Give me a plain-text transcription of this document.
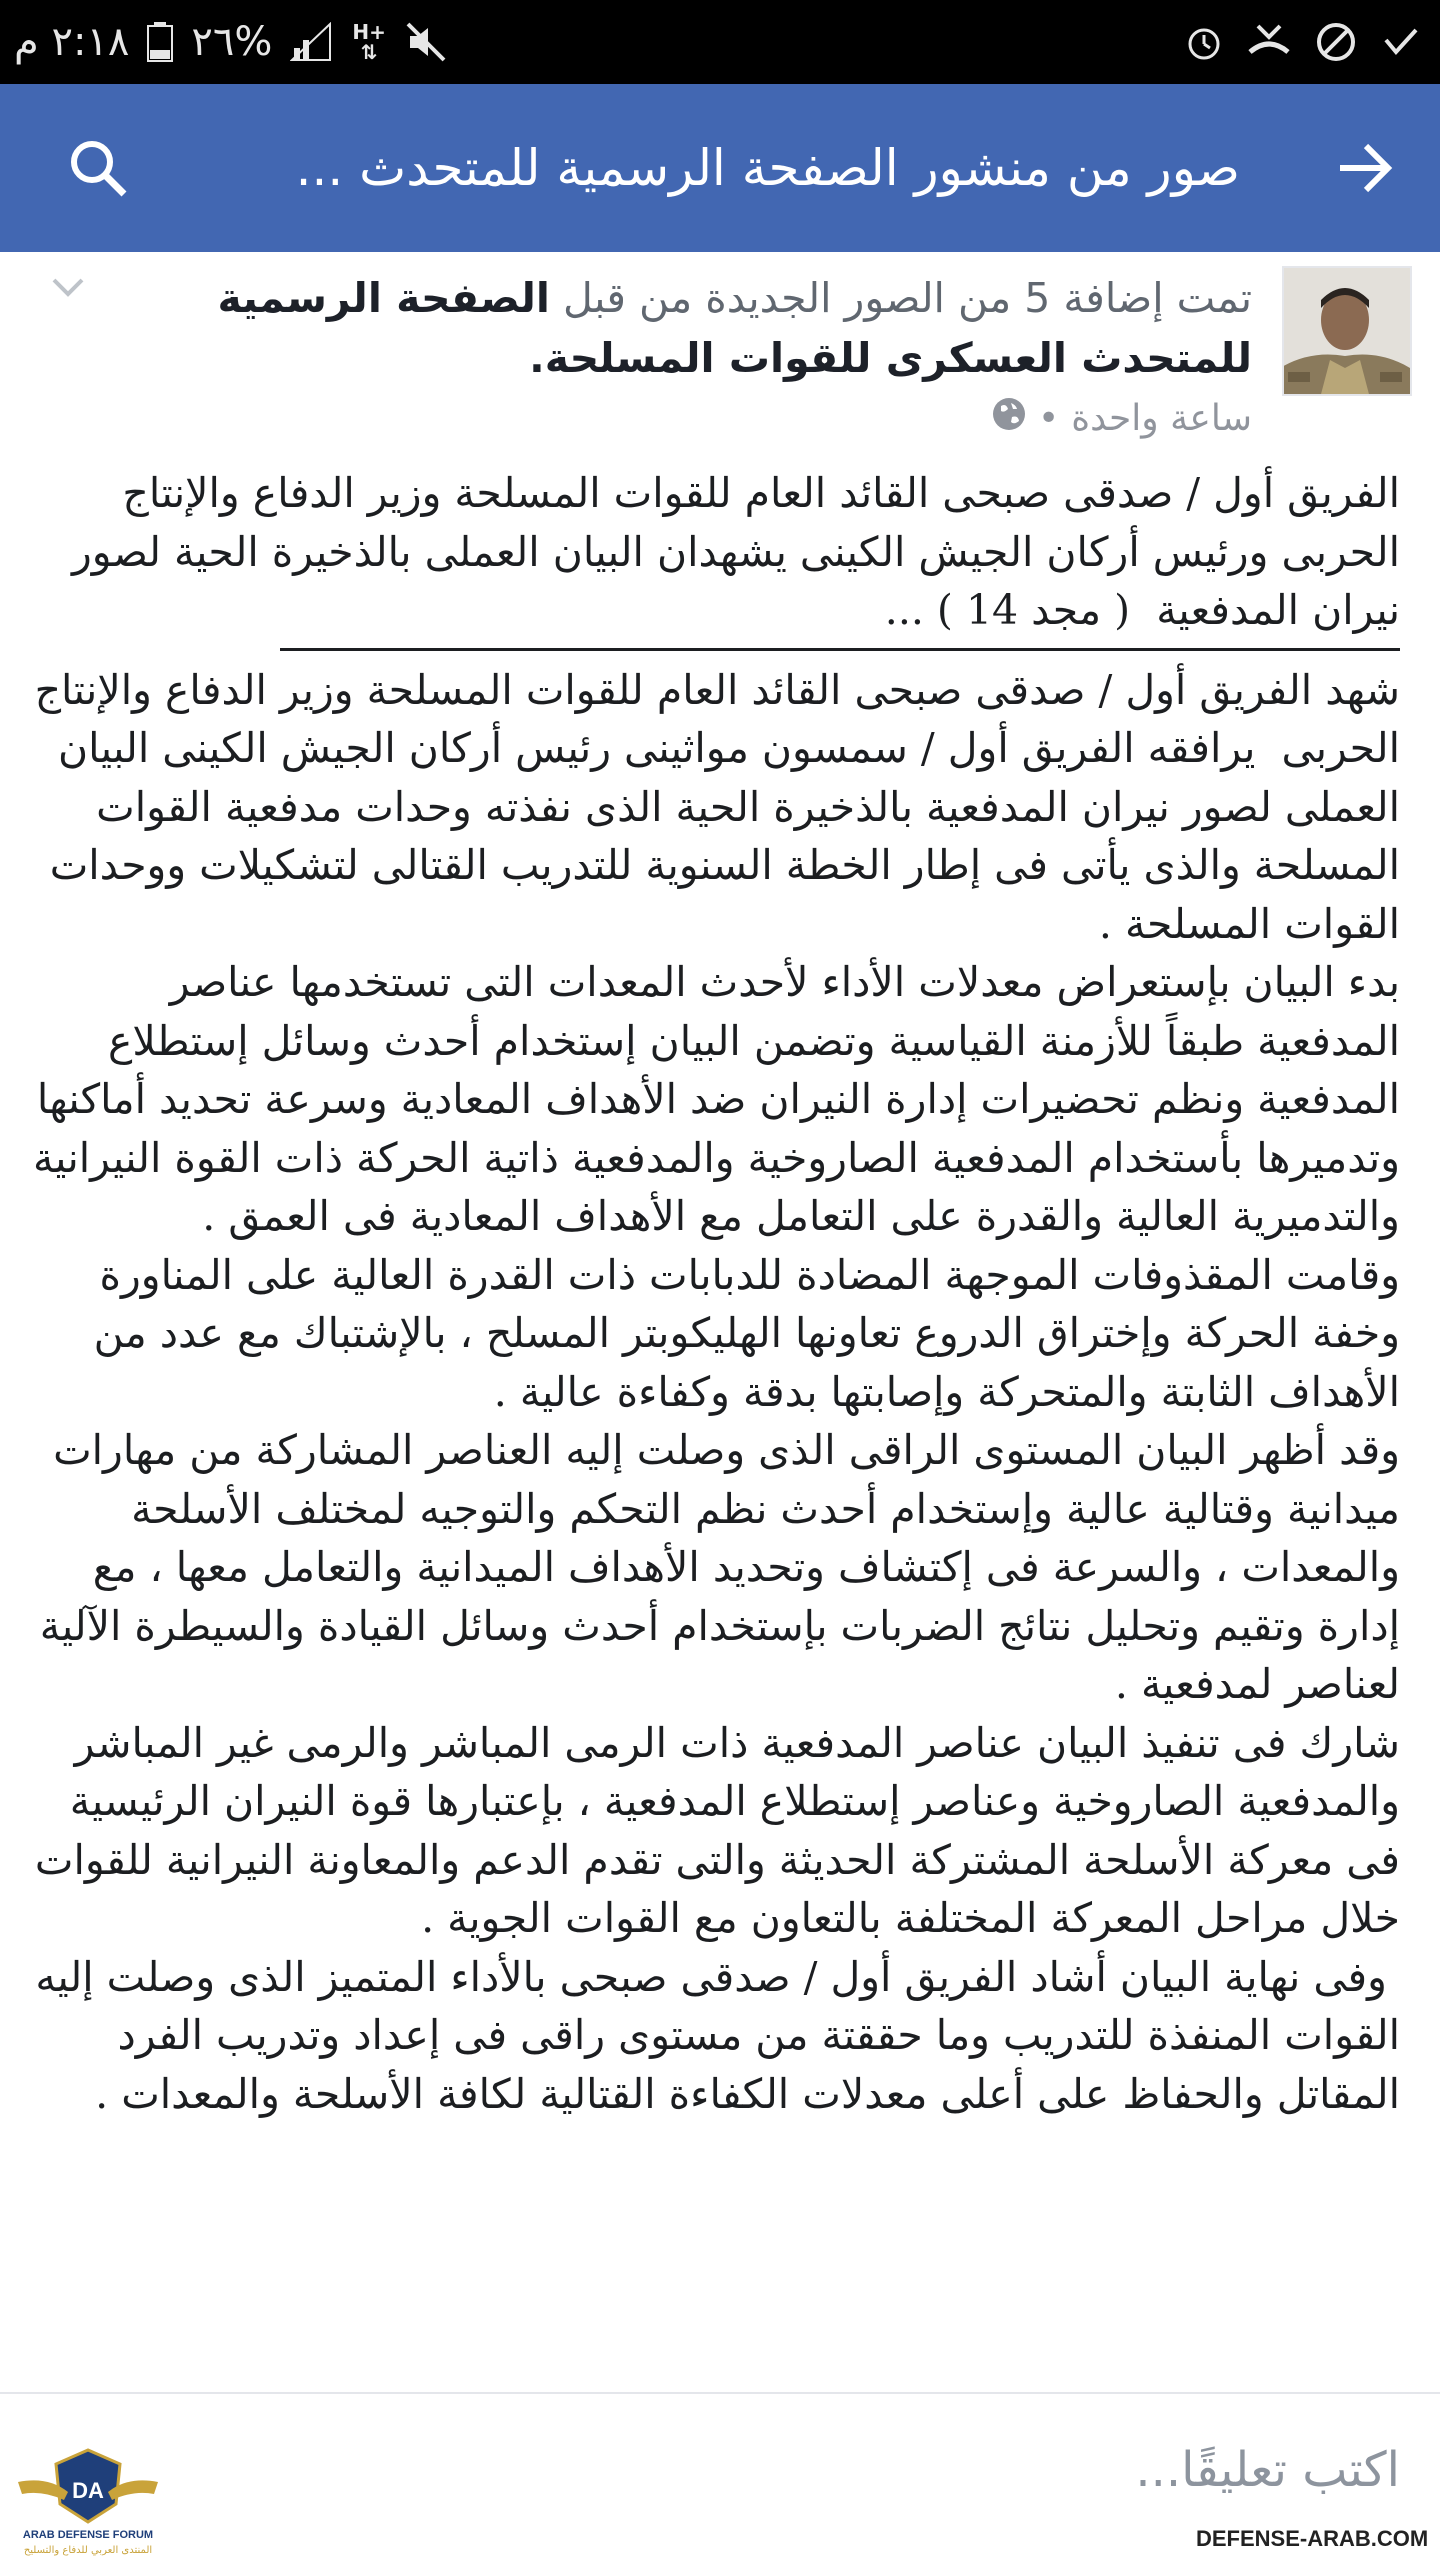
٢:١٨ م %٢٦	H+
⇅
صور من منشور الصفحة الرسمية للمتحدث ...
تمت إضافة 5 من الصور الجديدة من قبل الصفحة الرسمية للمتحدث العسكرى للقوات المسلحة.
ساعة واحدة
•

الفريق أول / صدقى صبحى القائد العام للقوات المسلحة وزير الدفاع والإنتاج الحربى ورئيس أركان الجيش الكينى يشهدان البيان العملى بالذخيرة الحية لصور نيران المدفعية  ( مجد 14 ) ...

شهد الفريق أول / صدقى صبحى القائد العام للقوات المسلحة وزير الدفاع والإنتاج الحربى  يرافقه الفريق أول / سمسون مواثينى رئيس أركان الجيش الكينى البيان العملى لصور نيران المدفعية بالذخيرة الحية الذى نفذته وحدات مدفعية القوات المسلحة والذى يأتى فى إطار الخطة السنوية للتدريب القتالى لتشكيلات ووحدات القوات المسلحة .

بدء البيان بإستعراض معدلات الأداء لأحدث المعدات التى تستخدمها عناصر المدفعية طبقاً للأزمنة القياسية وتضمن البيان إستخدام أحدث وسائل إستطلاع المدفعية ونظم تحضيرات إدارة النيران ضد الأهداف المعادية وسرعة تحديد أماكنها وتدميرها بأستخدام المدفعية الصاروخية والمدفعية ذاتية الحركة ذات القوة النيرانية والتدميرية العالية والقدرة على التعامل مع الأهداف المعادية فى العمق .

وقامت المقذوفات الموجهة المضادة للدبابات ذات القدرة العالية على المناورة وخفة الحركة وإختراق الدروع تعاونها الهليكوبتر المسلح ، بالإشتباك مع عدد من الأهداف الثابتة والمتحركة وإصابتها بدقة وكفاءة عالية .

وقد أظهر البيان المستوى الراقى الذى وصلت إليه العناصر المشاركة من مهارات ميدانية وقتالية عالية وإستخدام أحدث نظم التحكم والتوجيه لمختلف الأسلحة والمعدات ، والسرعة فى إكتشاف وتحديد الأهداف الميدانية والتعامل معها ، مع إدارة وتقيم وتحليل نتائج الضربات بإستخدام أحدث وسائل القيادة والسيطرة الآلية لعناصر لمدفعية .

شارك فى تنفيذ البيان عناصر المدفعية ذات الرمى المباشر والرمى غير المباشر والمدفعية الصاروخية وعناصر إستطلاع المدفعية ، بإعتبارها قوة النيران الرئيسية فى معركة الأسلحة المشتركة الحديثة والتى تقدم الدعم والمعاونة النيرانية للقوات خلال مراحل المعركة المختلفة بالتعاون مع القوات الجوية .

وفى نهاية البيان أشاد الفريق أول / صدقى صبحى بالأداء المتميز الذى وصلت إليه القوات المنفذة للتدريب وما حققتة من مستوى راقى فى إعداد وتدريب الفرد المقاتل والحفاظ على أعلى معدلات الكفاءة القتالية لكافة الأسلحة والمعدات .

اكتب تعليقًا...
DA
ARAB DEFENSE FORUM
المنتدى العربي للدفاع والتسليح	DEFENSE-ARAB.COM
